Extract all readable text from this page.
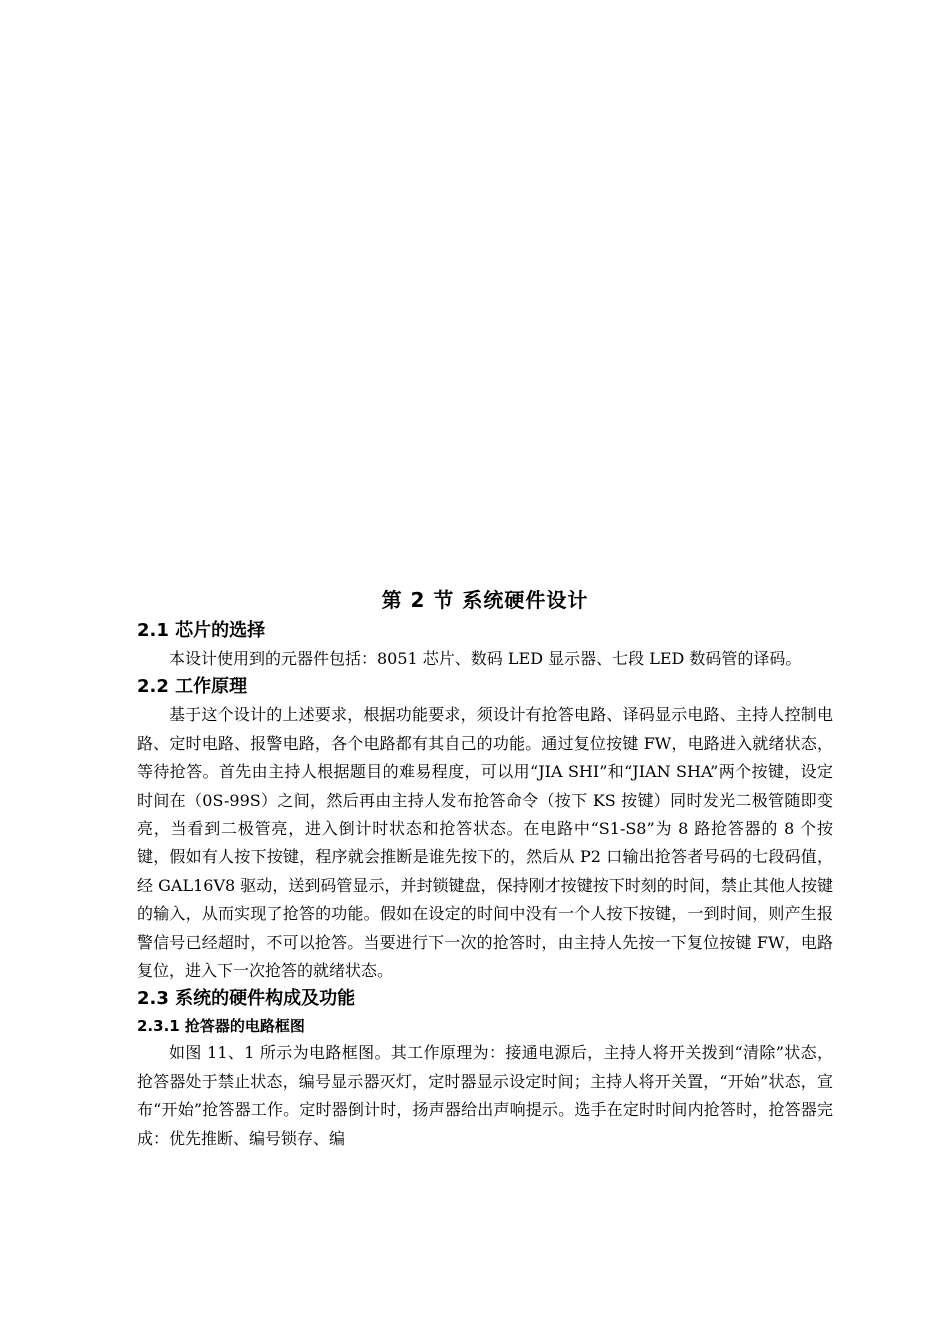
第 2 节 系统硬件设计
2.1 芯片的选择

本设计使用到的元器件包括：8051 芯片、数码 LED 显示器、七段 LED 数码管的译码。

2.2 工作原理

基于这个设计的上述要求，根据功能要求，须设计有抢答电路、译码显示电路、主持人控制电路、定时电路、报警电路，各个电路都有其自己的功能。通过复位按键 FW，电路进入就绪状态，等待抢答。首先由主持人根据题目的难易程度，可以用“JIA SHI”和“JIAN SHA”两个按键，设定时间在（0S-99S）之间，然后再由主持人发布抢答命令（按下 KS 按键）同时发光二极管随即变亮，当看到二极管亮，进入倒计时状态和抢答状态。在电路中“S1-S8”为 8 路抢答器的 8 个按键，假如有人按下按键，程序就会推断是谁先按下的，然后从 P2 口输出抢答者号码的七段码值，经 GAL16V8 驱动，送到码管显示，并封锁键盘，保持刚才按键按下时刻的时间，禁止其他人按键的输入，从而实现了抢答的功能。假如在设定的时间中没有一个人按下按键，一到时间，则产生报警信号已经超时，不可以抢答。当要进行下一次的抢答时，由主持人先按一下复位按键 FW，电路复位，进入下一次抢答的就绪状态。

2.3 系统的硬件构成及功能
2.3.1 抢答器的电路框图

如图 11、1 所示为电路框图。其工作原理为：接通电源后，主持人将开关拨到“清除”状态，抢答器处于禁止状态，编号显示器灭灯，定时器显示设定时间；主持人将开关置，“开始”状态，宣布“开始”抢答器工作。定时器倒计时，扬声器给出声响提示。选手在定时时间内抢答时，抢答器完成：优先推断、编号锁存、编
